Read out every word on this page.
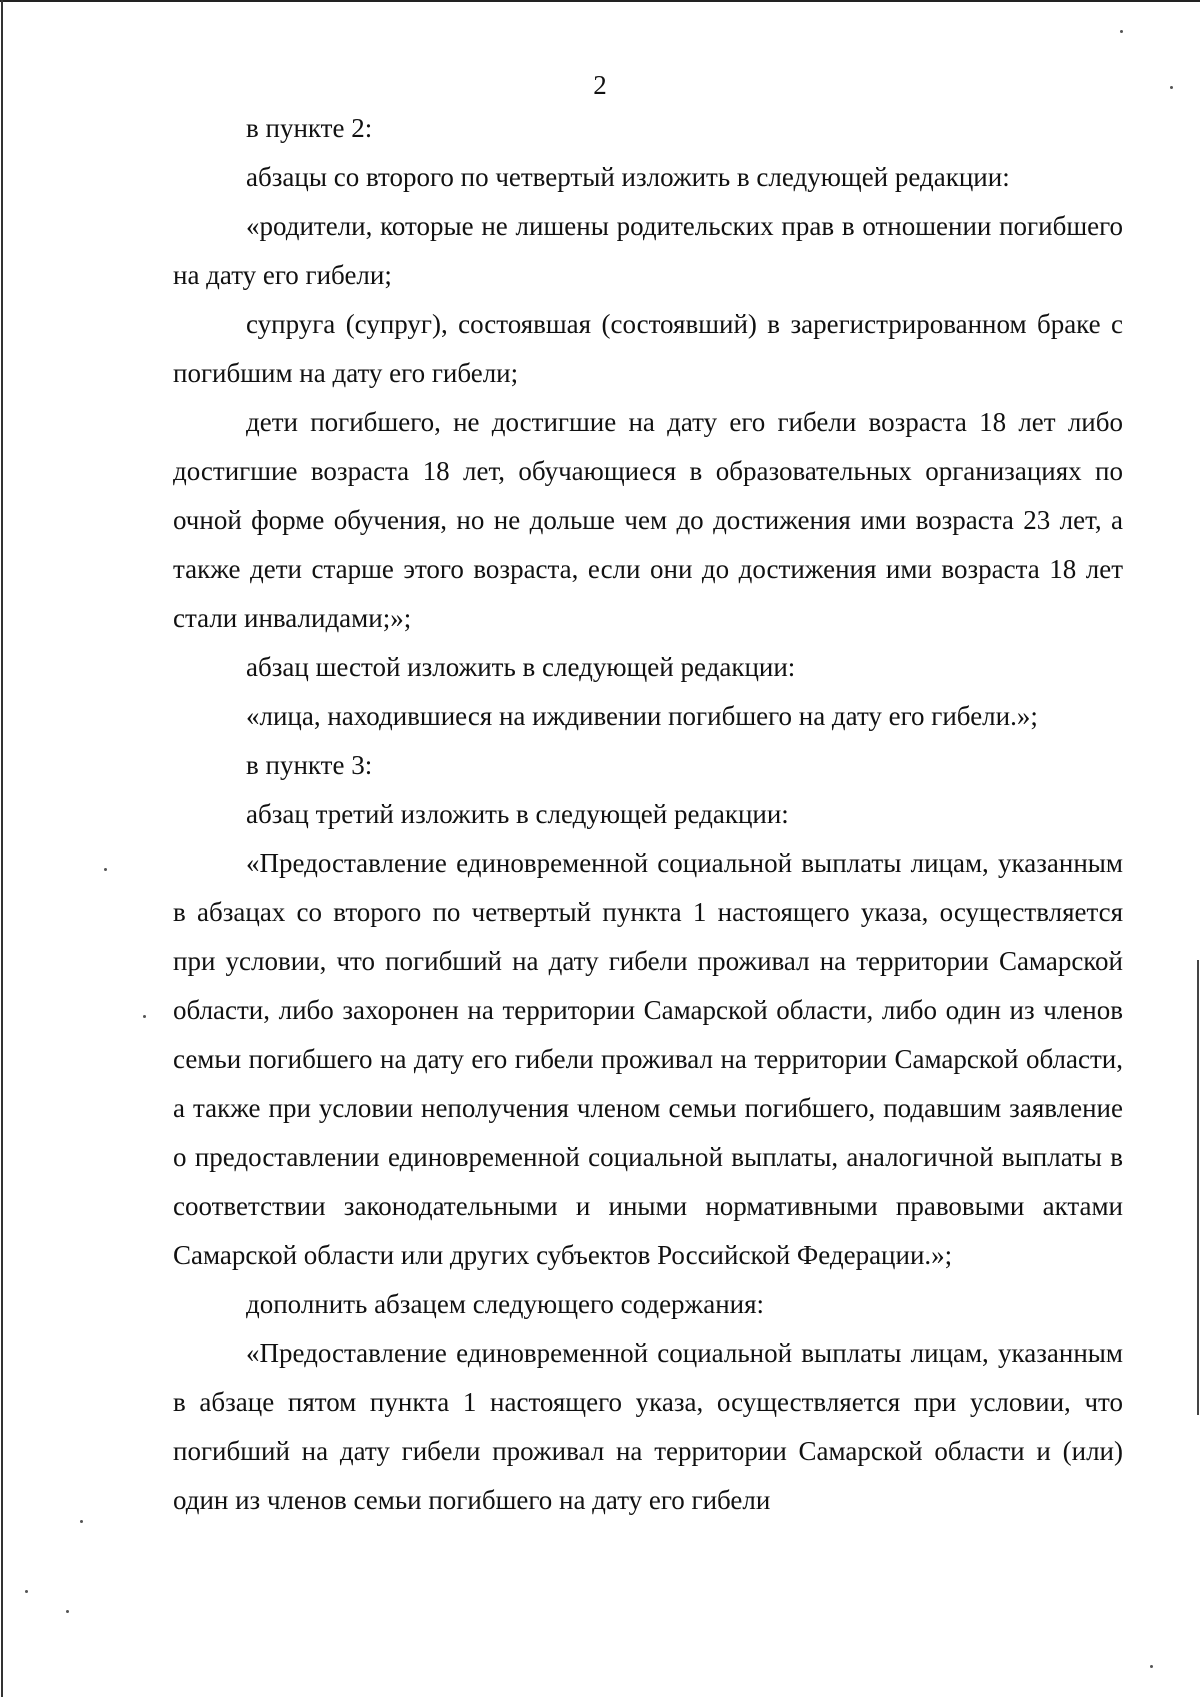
2

в пункте 2:

абзацы со второго по четвертый изложить в следующей редакции:

«родители, которые не лишены родительских прав в отношении погибшего на дату его гибели;

супруга (супруг), состоявшая (состоявший) в зарегистрированном браке с погибшим на дату его гибели;

дети погибшего, не достигшие на дату его гибели возраста 18 лет либо достигшие возраста 18 лет, обучающиеся в образовательных организациях по очной форме обучения, но не дольше чем до достижения ими возраста 23 лет, а также дети старше этого возраста, если они до достижения ими возраста 18 лет стали инвалидами;»;

абзац шестой изложить в следующей редакции:

«лица, находившиеся на иждивении погибшего на дату его гибели.»;

в пункте 3:

абзац третий изложить в следующей редакции:

«Предоставление единовременной социальной выплаты лицам, указанным в абзацах со второго по четвертый пункта 1 настоящего указа, осуществляется при условии, что погибший на дату гибели проживал на территории Самарской области, либо захоронен на территории Самарской области, либо один из членов семьи погибшего на дату его гибели проживал на территории Самарской области, а также при условии неполучения членом семьи погибшего, подавшим заявление о предоставлении единовременной социальной выплаты, аналогичной выплаты в соответствии законодательными и иными нормативными правовыми актами Самарской области или других субъектов Российской Федерации.»;

дополнить абзацем следующего содержания:

«Предоставление единовременной социальной выплаты лицам, указанным в абзаце пятом пункта 1 настоящего указа, осуществляется при условии, что погибший на дату гибели проживал на территории Самарской области и (или) один из членов семьи погибшего на дату его гибели
